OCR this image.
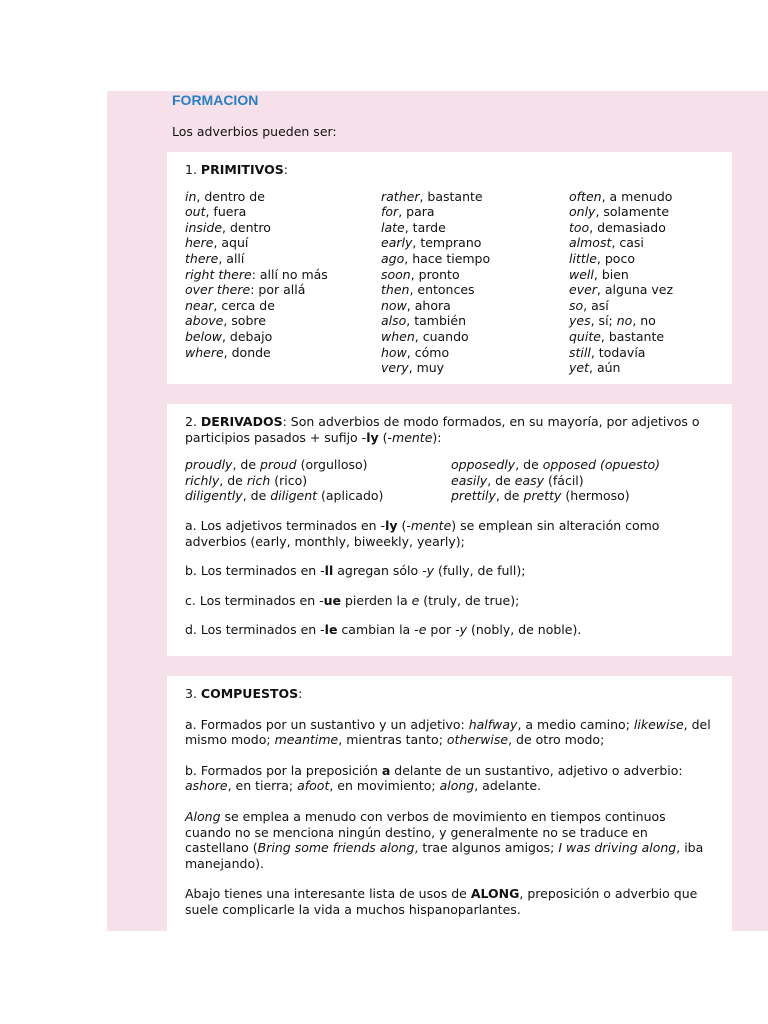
FORMACION
Los adverbios pueden ser:
1. PRIMITIVOS:
in, dentro de
out, fuera
inside, dentro
here, aquí
there, allí
right there: allí no más
over there: por allá
near, cerca de
above, sobre
below, debajo
where, donde
rather, bastante
for, para
late, tarde
early, temprano
ago, hace tiempo
soon, pronto
then, entonces
now, ahora
also, también
when, cuando
how, cómo
very, muy
often, a menudo
only, solamente
too, demasiado
almost, casi
little, poco
well, bien
ever, alguna vez
so, así
yes, sí; no, no
quite, bastante
still, todavía
yet, aún

2. DERIVADOS: Son adverbios de modo formados, en su mayoría, por adjetivos o participios pasados + sufijo -ly (-mente):

proudly, de proud (orgulloso)
richly, de rich (rico)
diligently, de diligent (aplicado)
opposedly, de opposed (opuesto)
easily, de easy (fácil)
prettily, de pretty (hermoso)

a. Los adjetivos terminados en -ly (-mente) se emplean sin alteración como adverbios (early, monthly, biweekly, yearly);

b. Los terminados en -ll agregan sólo -y (fully, de full);

c. Los terminados en -ue pierden la e (truly, de true);

d. Los terminados en -le cambian la -e por -y (nobly, de noble).

3. COMPUESTOS:

a. Formados por un sustantivo y un adjetivo: halfway, a medio camino; likewise, del mismo modo; meantime, mientras tanto; otherwise, de otro modo;

b. Formados por la preposición a delante de un sustantivo, adjetivo o adverbio: ashore, en tierra; afoot, en movimiento; along, adelante.

Along se emplea a menudo con verbos de movimiento en tiempos continuos cuando no se menciona ningún destino, y generalmente no se traduce en castellano (Bring some friends along, trae algunos amigos; I was driving along, iba manejando).

Abajo tienes una interesante lista de usos de ALONG, preposición o adverbio que suele complicarle la vida a muchos hispanoparlantes.
